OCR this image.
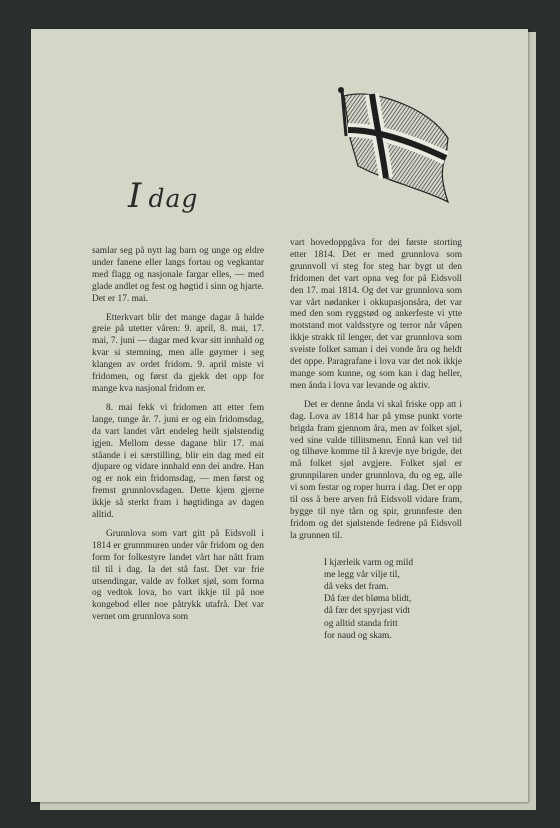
I dag

samlar seg på nytt lag barn og unge og eldre under fanene eller langs fortau og vegkantar med flagg og nasjonale fargar elles, — med glade andlet og fest og høgtid i sinn og hjarte. Det er 17. mai.

Etterkvart blir det mange dagar å halde greie på utetter våren: 9. april, 8. mai, 17. mai, 7. juni — dagar med kvar sitt innhald og kvar si stemning, men alle gøymer i seg klangen av ordet fridom. 9. april miste vi fridomen, og først da gjekk det opp for mange kva nasjonal fridom er.

8. mai fekk vi fridomen att etter fem lange, tunge år. 7. juni er og ein fridomsdag, da vart landet vårt endeleg heilt sjølstendig igjen. Mellom desse dagane blir 17. mai ståande i ei særstilling, blir ein dag med eit djupare og vidare innhald enn dei andre. Han og er nok ein fridomsdag, — men først og fremst grunnlovsdagen. Dette kjem gjerne ikkje så sterkt fram i høgtidinga av dagen alltid.

Grunnlova som vart gitt på Eidsvoll i 1814 er grunnmuren under vår fridom og den form for folkestyre landet vårt har nått fram til til i dag. Ia det stå fast. Det var frie utsendingar, valde av folket sjøl, som forma og vedtok lova, ho vart ikkje til på noe kongebod eller noe påtrykk utafrå. Det var vernet om grunnlova som

vart hovedoppgåva for dei første storting etter 1814. Det er med grunnlova som grunnvoll vi steg for steg har bygt ut den fridomen det vart opna veg for på Eidsvoll den 17. mai 1814. Og det var grunnlova som var vårt nødanker i okkupasjonsåra, det var med den som ryggstød og ankerfeste vi ytte motstand mot valdsstyre og terror når våpen ikkje strakk til lenger, det var grunnlova som sveiste folket saman i dei vonde åra og heldt det oppe. Paragrafane i lova var det nok ikkje mange som kunne, og som kan i dag heller, men ånda i lova var levande og aktiv.

Det er denne ånda vi skal friske opp att i dag. Lova av 1814 har på ymse punkt vorte brigda fram gjennom åra, men av folket sjøl, ved sine valde tillitsmenn. Ennå kan vel tid og tilhøve komme til å krevje nye brigde, det må folket sjøl avgjere. Folket sjøl er grunnpilaren under grunnlova, du og eg, alle vi som festar og roper hurra i dag. Det er opp til oss å bere arven frå Eidsvoll vidare fram, bygge til nye tårn og spir, grunnfeste den fridom og det sjølstende fedrene på Eidsvoll la grunnen til.

I kjærleik varm og mild
me legg vår vilje til,
då veks det fram.
Då fær det bløma blidt,
då fær det spyrjast vidt
og alltid standa fritt
for naud og skam.
